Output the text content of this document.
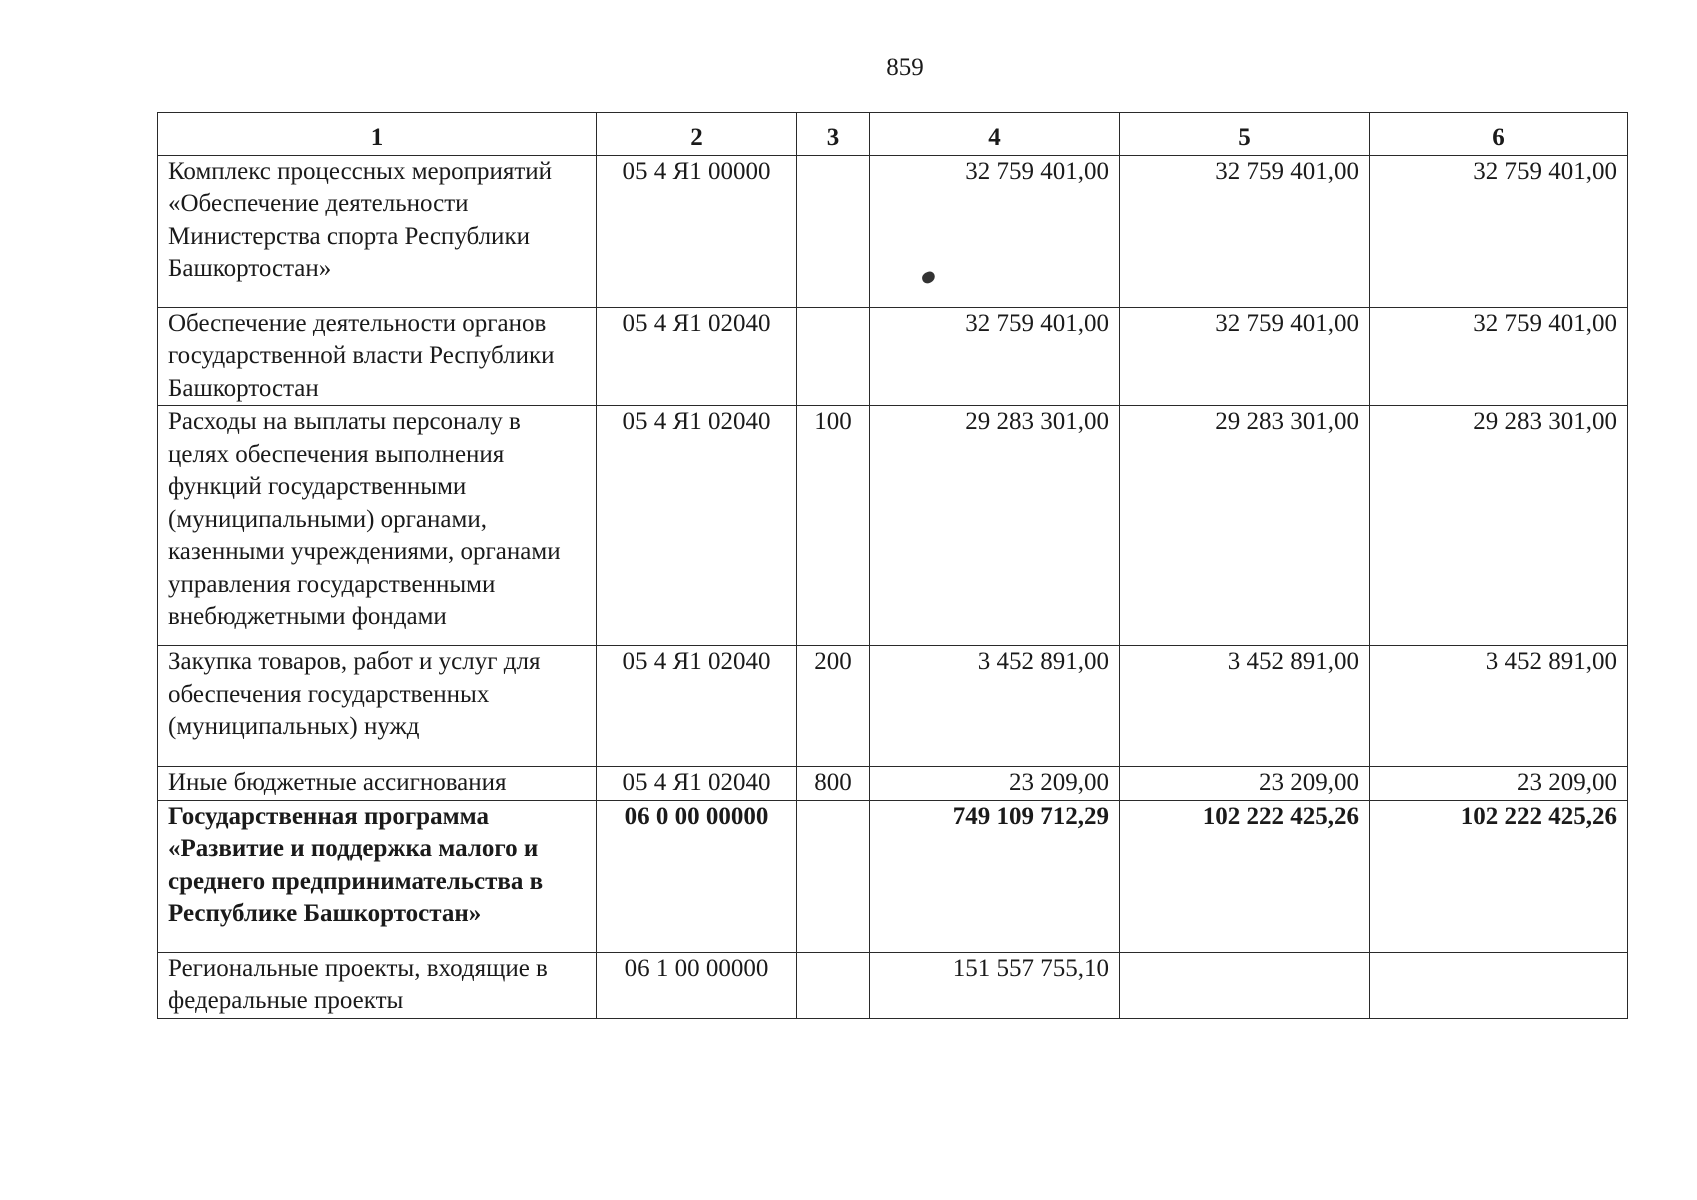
859
1	2	3	4	5	6
Комплекс процессных мероприятий «Обеспечение деятельности Министерства спорта Республики Башкортостан»	05 4 Я1 00000		32 759 401,00	32 759 401,00	32 759 401,00
Обеспечение деятельности органов государственной власти Республики Башкортостан	05 4 Я1 02040		32 759 401,00	32 759 401,00	32 759 401,00
Расходы на выплаты персоналу в целях обеспечения выполнения функций государственными (муниципальными) органами, казенными учреждениями, органами управления государственными внебюджетными фондами	05 4 Я1 02040	100	29 283 301,00	29 283 301,00	29 283 301,00
Закупка товаров, работ и услуг для обеспечения государственных (муниципальных) нужд	05 4 Я1 02040	200	3 452 891,00	3 452 891,00	3 452 891,00
Иные бюджетные ассигнования	05 4 Я1 02040	800	23 209,00	23 209,00	23 209,00
Государственная программа «Развитие и поддержка малого и среднего предпринимательства в Республике Башкортостан»	06 0 00 00000		749 109 712,29	102 222 425,26	102 222 425,26
Региональные проекты, входящие в федеральные проекты	06 1 00 00000		151 557 755,10		
